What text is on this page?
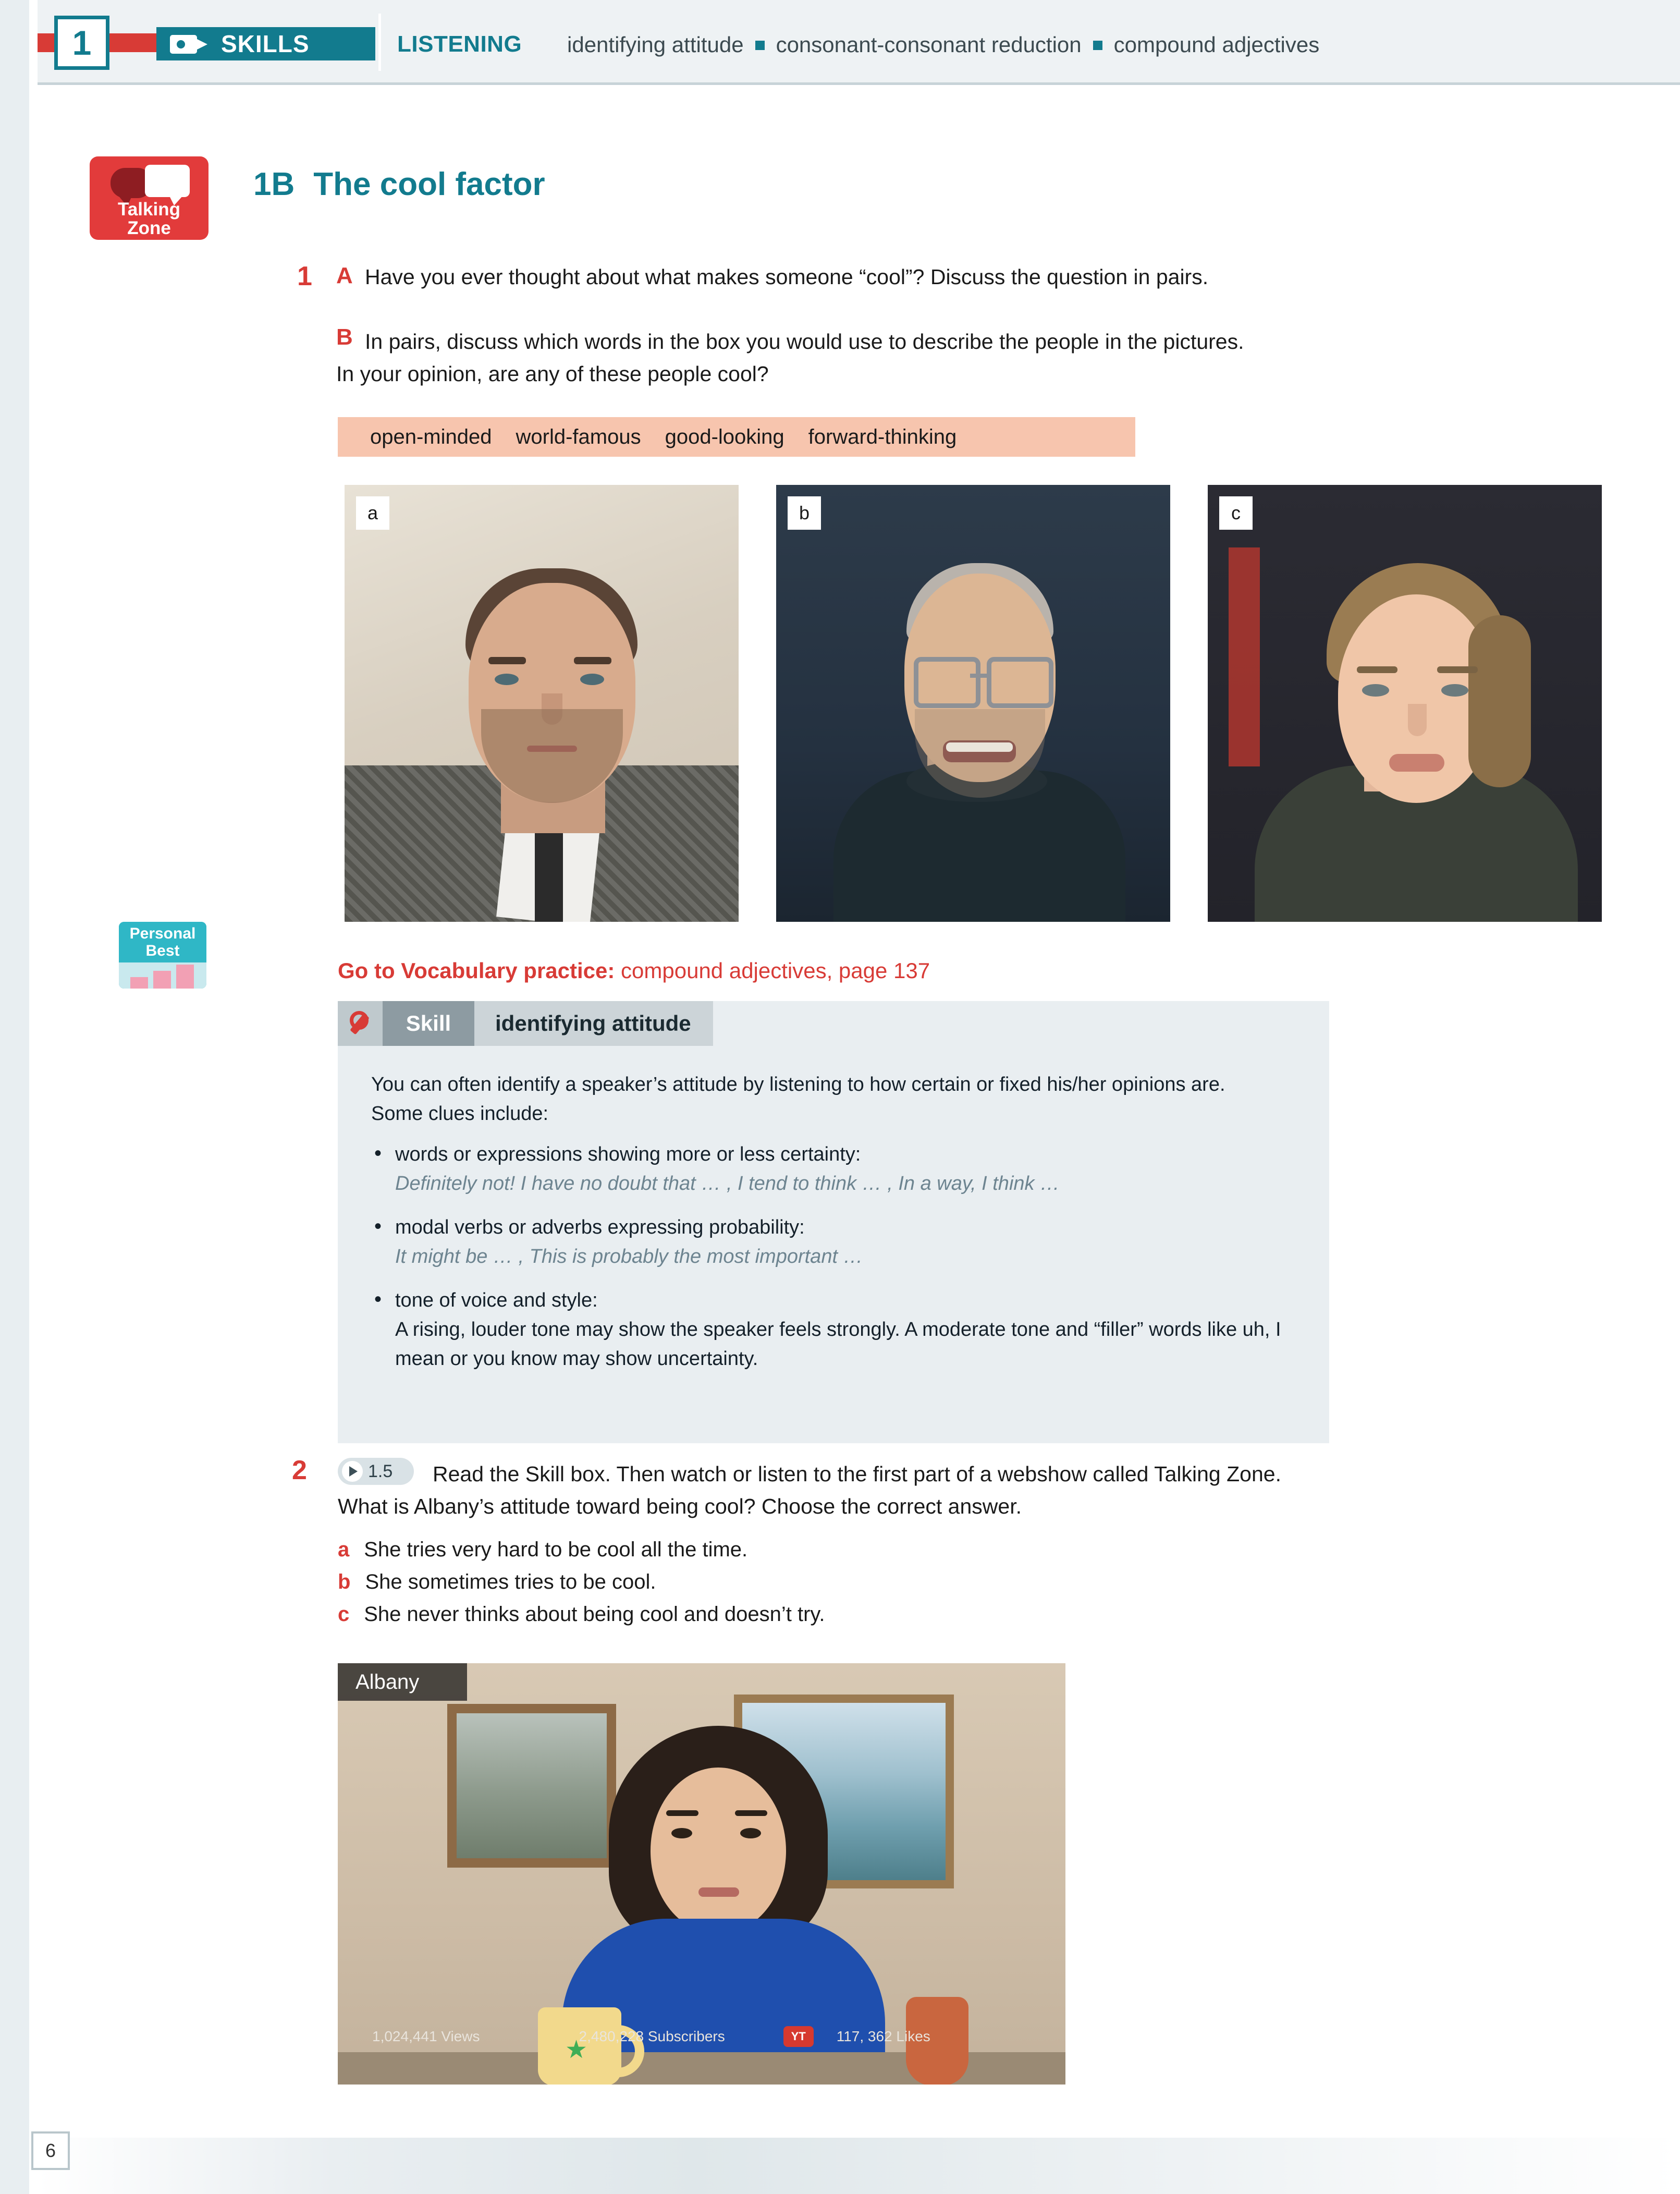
1	SKILLS	LISTENING identifying attitude consonant-consonant reduction compound adjectives
Talking
Zone
Personal
Best
1B The cool factor
1 A Have you ever thought about what makes someone “cool”? Discuss the question in pairs.
B In pairs, discuss which words in the box you would use to describe the people in the pictures.
In your opinion, are any of these people cool?
open-minded world-famous good-looking forward-thinking
a	b	c
Go to Vocabulary practice: compound adjectives, page 137
Skill	identifying attitude
You can often identify a speaker’s attitude by listening to how certain or fixed his/her opinions are. Some clues include:
• words or expressions showing more or less certainty:
Definitely not! I have no doubt that … , I tend to think … , In a way, I think …
• modal verbs or adverbs expressing probability:
It might be … , This is probably the most important …
• tone of voice and style:
A rising, louder tone may show the speaker feels strongly. A moderate tone and “filler” words like uh, I mean or you know may show uncertainty.
2	1.5 Read the Skill box. Then watch or listen to the first part of a webshow called Talking Zone.
What is Albany’s attitude toward being cool? Choose the correct answer.
a She tries very hard to be cool all the time.
b She sometimes tries to be cool.
c She never thinks about being cool and doesn’t try.
★
Albany
1,024,441 Views	2,480,228 Subscribers	YT	117, 362 Likes
6
